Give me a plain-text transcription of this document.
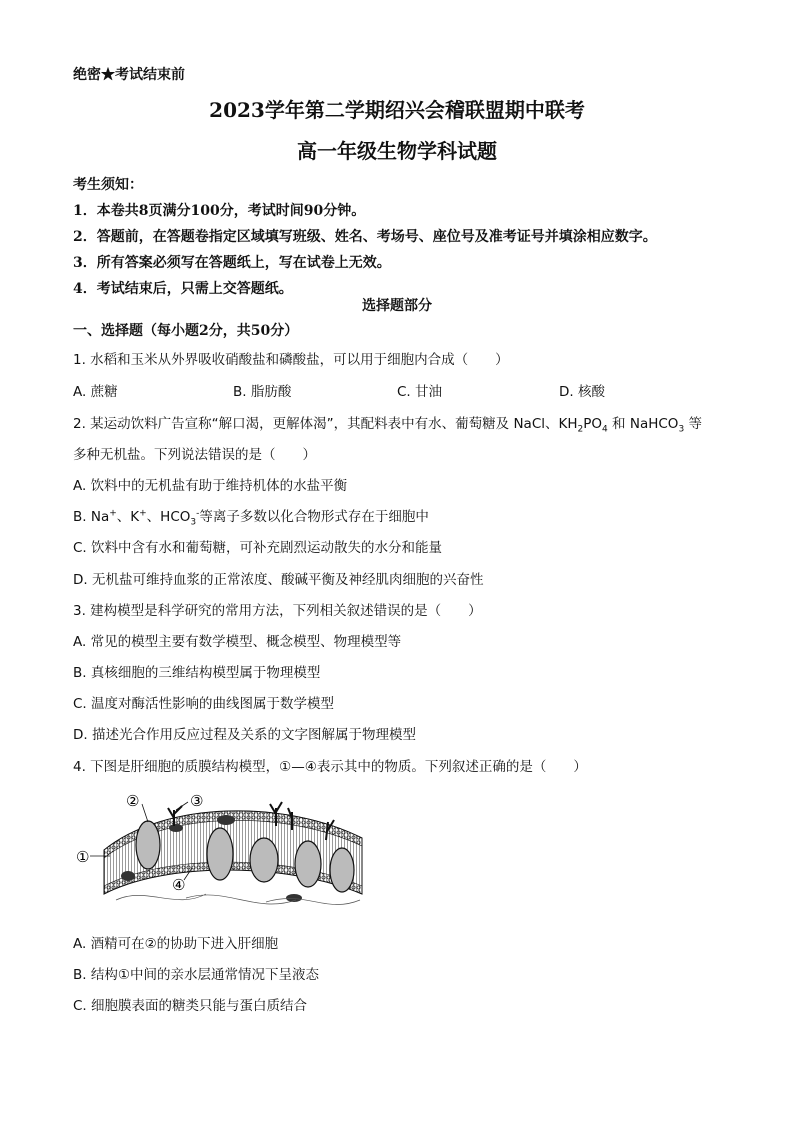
绝密★考试结束前
2023学年第二学期绍兴会稽联盟期中联考
高一年级生物学科试题
考生须知：
1．本卷共8页满分100分，考试时间90分钟。
2．答题前，在答题卷指定区域填写班级、姓名、考场号、座位号及准考证号并填涂相应数字。
3．所有答案必须写在答题纸上，写在试卷上无效。
4．考试结束后，只需上交答题纸。
选择题部分
一、选择题（每小题2分，共50分）
1. 水稻和玉米从外界吸收硝酸盐和磷酸盐，可以用于细胞内合成（　　）
A. 蔗糖	B. 脂肪酸	C. 甘油	D. 核酸
2. 某运动饮料广告宣称“解口渴，更解体渴”，其配料表中有水、葡萄糖及 NaCl、$KH_2PO_4$ 和 NaHCO$_3$ 等
多种无机盐。下列说法错误的是（　　）
A. 饮料中的无机盐有助于维持机体的水盐平衡
B. Na+、K+、$HCO_3^-$等离子多数以化合物形式存在于细胞中
C. 饮料中含有水和葡萄糖，可补充剧烈运动散失的水分和能量
D. 无机盐可维持血浆的正常浓度、酸碱平衡及神经肌肉细胞的兴奋性
3. 建构模型是科学研究的常用方法，下列相关叙述错误的是（　　）
A. 常见的模型主要有数学模型、概念模型、物理模型等
B. 真核细胞的三维结构模型属于物理模型
C. 温度对酶活性影响的曲线图属于数学模型
D. 描述光合作用反应过程及关系的文字图解属于物理模型
4. 下图是肝细胞的质膜结构模型，①—④表示其中的物质。下列叙述正确的是（　　）
①
②	③
④
A. 酒精可在②的协助下进入肝细胞
B. 结构①中间的亲水层通常情况下呈液态
C. 细胞膜表面的糖类只能与蛋白质结合
